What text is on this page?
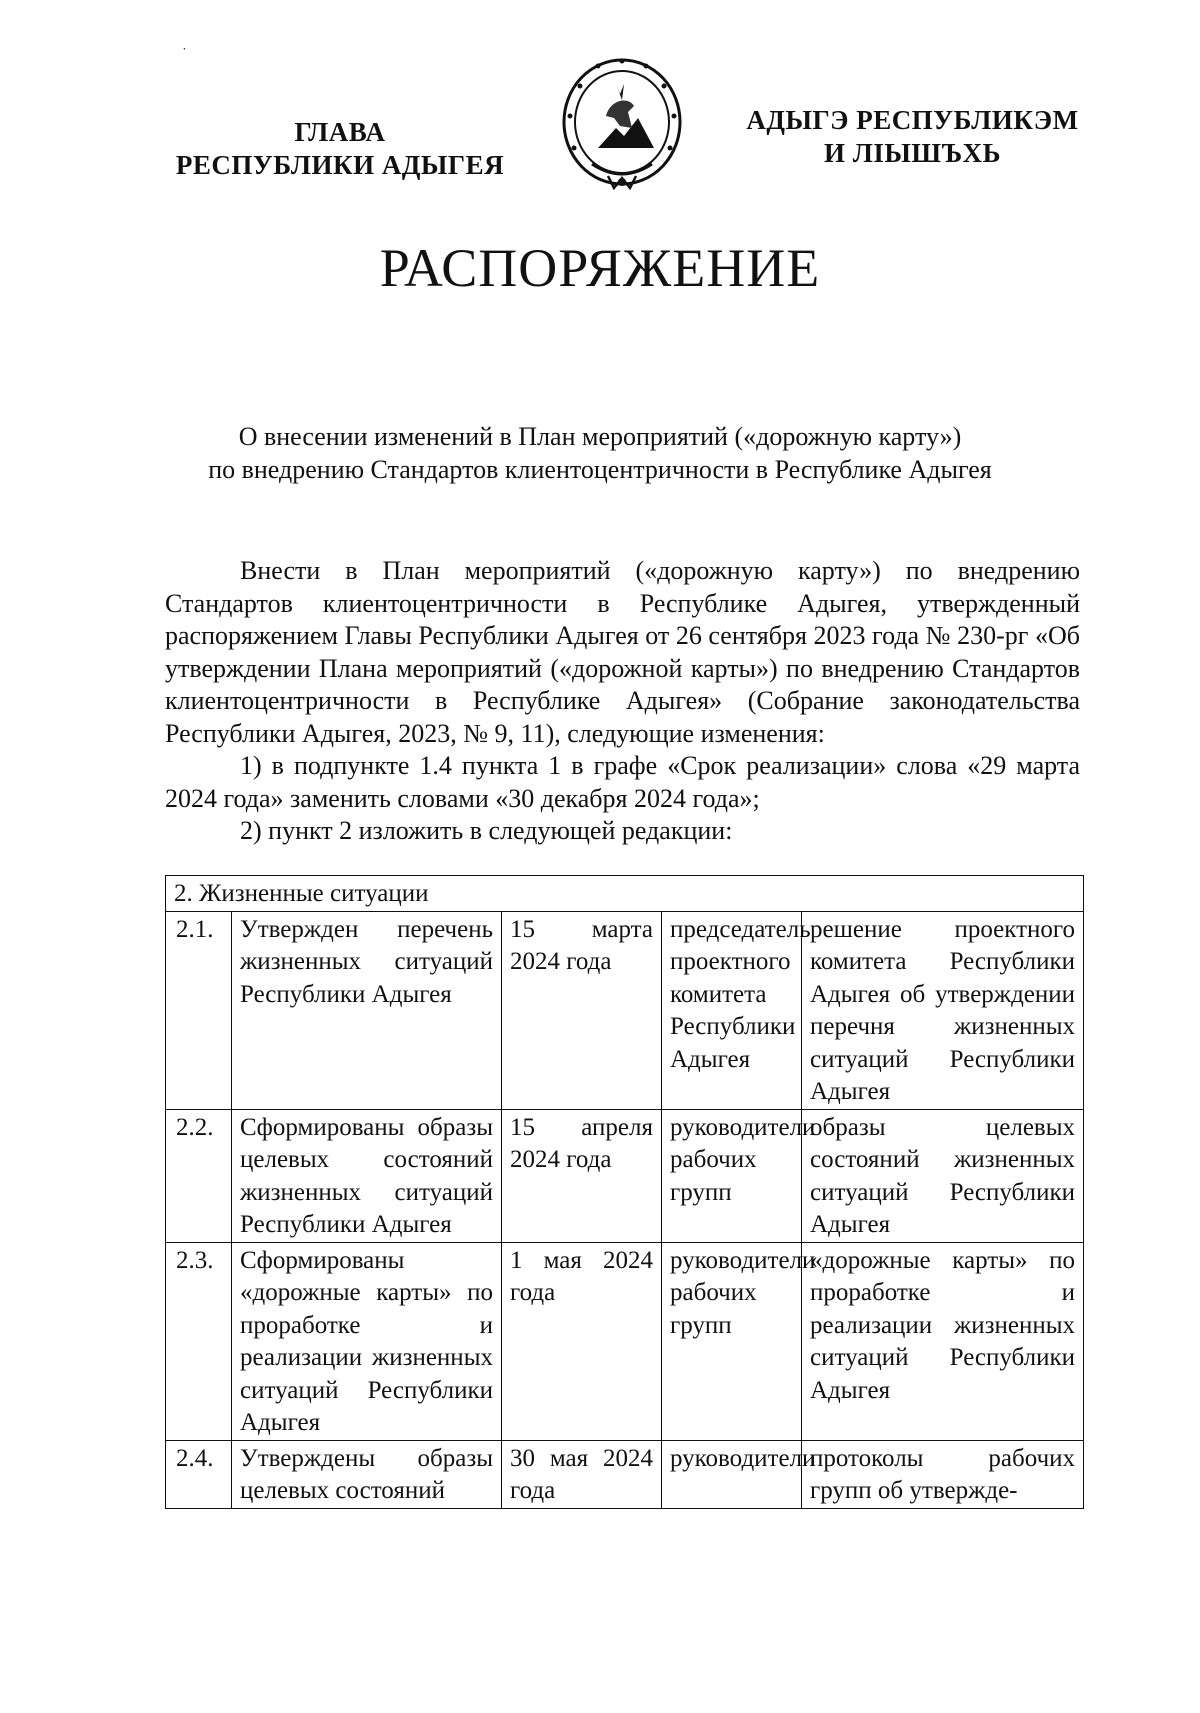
˙
ГЛАВА
РЕСПУБЛИКИ АДЫГЕЯ
АДЫГЭ РЕСПУБЛИКЭМ
И ЛІЫШЪХЬ
РАСПОРЯЖЕНИЕ
О внесении изменений в План мероприятий («дорожную карту»)
по внедрению Стандартов клиентоцентричности в Республике Адыгея

Внести в План мероприятий («дорожную карту») по внедрению Стандартов клиентоцентричности в Республике Адыгея, утвержденный распоряжением Главы Республики Адыгея от 26 сентября 2023 года № 230-рг «Об утверждении Плана мероприятий («дорожной карты») по внедрению Стандартов клиентоцентричности в Республике Адыгея» (Собрание законодательства Республики Адыгея, 2023, № 9, 11), следующие изменения:

1) в подпункте 1.4 пункта 1 в графе «Срок реализации» слова «29 марта 2024 года» заменить словами «30 декабря 2024 года»;

2) пункт 2 изложить в следующей редакции:

2. Жизненные ситуации				
2.1.	Утвержден перечень жизненных ситуаций Республики Адыгея	15 марта 2024 года	председатель проектного комитета Республики Адыгея	решение проектного комитета Республики Адыгея об утверждении перечня жизненных ситуаций Республики Адыгея
2.2.	Сформированы образы целевых состояний жизненных ситуаций Республики Адыгея	15 апреля 2024 года	руководители рабочих групп	образы целевых состояний жизненных ситуаций Республики Адыгея
2.3.	Сформированы «дорожные карты» по проработке и реализации жизненных ситуаций Республики Адыгея	1 мая 2024 года	руководители рабочих групп	«дорожные карты» по проработке и реализации жизненных ситуаций Республики Адыгея
2.4.	Утверждены образы целевых состояний	30 мая 2024 года	руководители	протоколы рабочих групп об утвержде-
